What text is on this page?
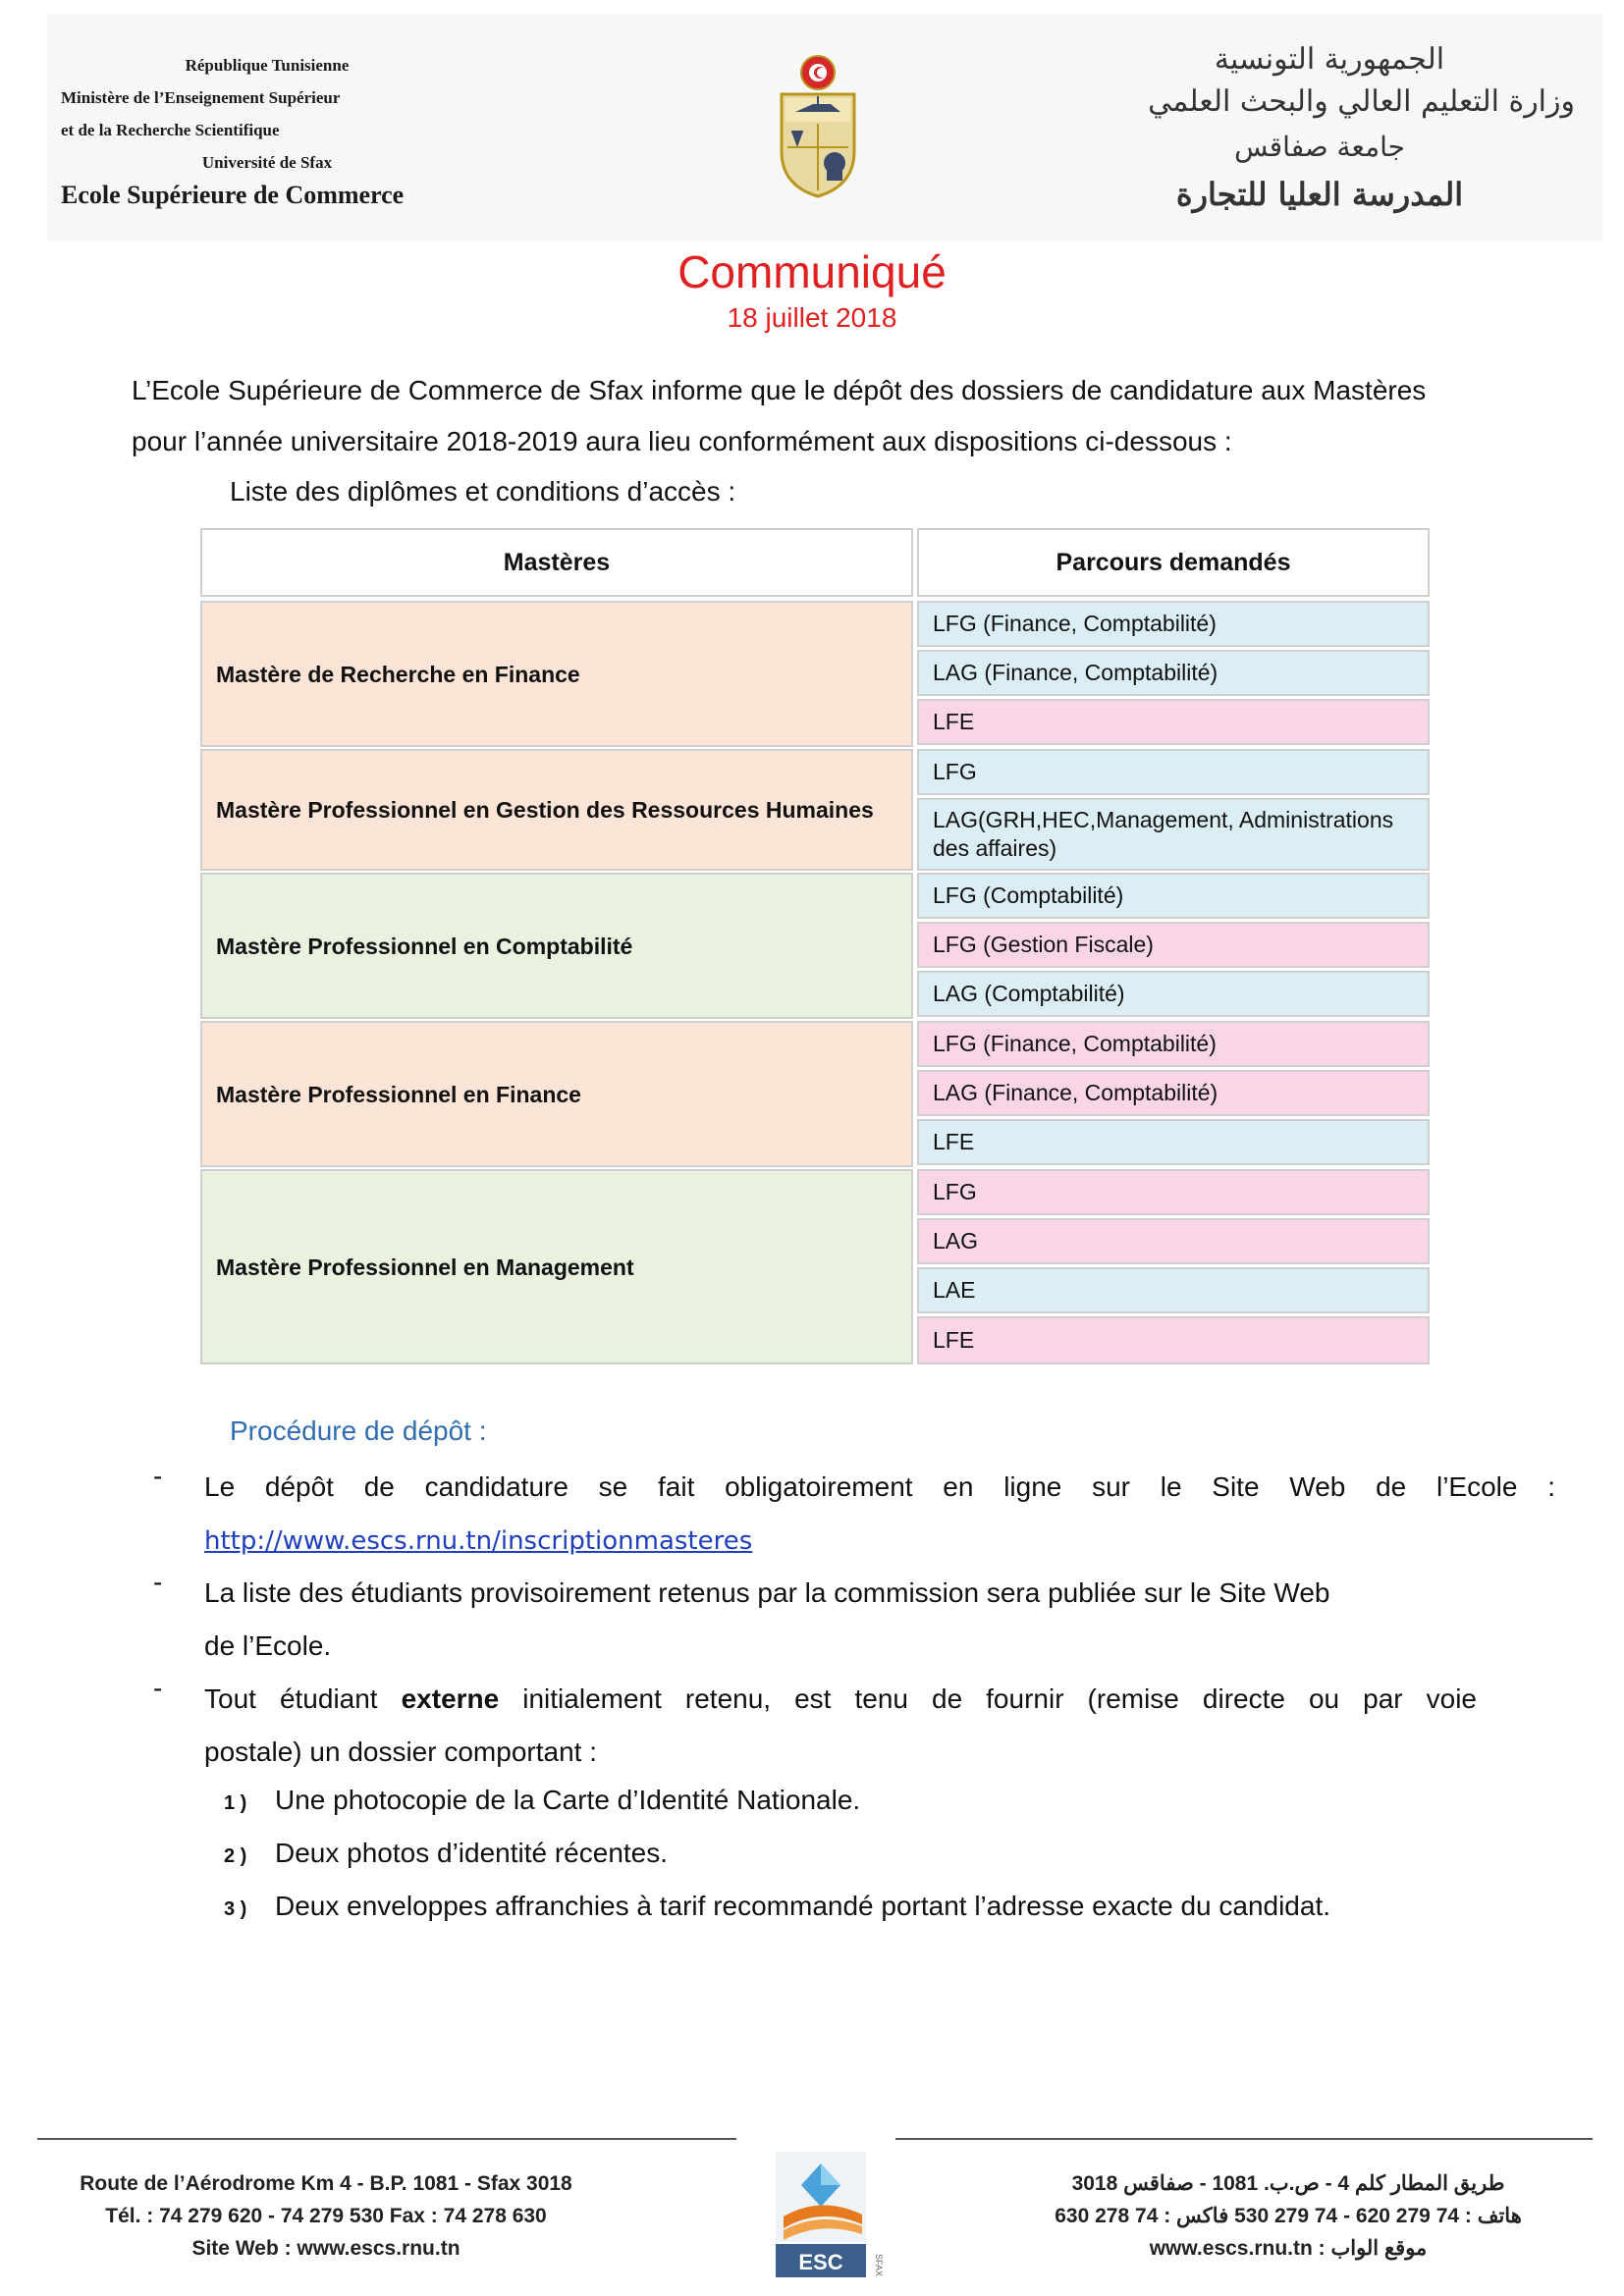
République Tunisienne
Ministère de l’Enseignement Supérieur
et de la Recherche Scientifique
Université de Sfax
Ecole Supérieure de Commerce
الجمهورية التونسية
وزارة التعليم العالي والبحث العلمي
جامعة صفاقس
المدرسة العليا للتجارة
Communiqué
18 juillet 2018
L’Ecole Supérieure de Commerce de Sfax informe que le dépôt des dossiers de candidature aux Mastères
pour l’année universitaire 2018-2019 aura lieu conformément aux dispositions ci-dessous :
Liste des diplômes et conditions d’accès :
Mastères	Parcours demandés
Mastère de Recherche en Finance
Mastère Professionnel en Gestion des Ressources Humaines
Mastère Professionnel en Comptabilité
Mastère Professionnel en Finance
Mastère Professionnel en Management
LFG (Finance, Comptabilité)
LAG (Finance, Comptabilité)
LFE
LFG
LAG(GRH,HEC,Management, Administrations des affaires)
LFG (Comptabilité)
LFG (Gestion Fiscale)
LAG (Comptabilité)
LFG (Finance, Comptabilité)
LAG (Finance, Comptabilité)
LFE
LFG
LAG
LAE
LFE
Procédure de dépôt :
- Le dépôt de candidature se fait obligatoirement en ligne sur le Site Web de l’Ecole :
http://www.escs.rnu.tn/inscriptionmasteres
- La liste des étudiants provisoirement retenus par la commission sera publiée sur le Site Web
de l’Ecole.
- Tout étudiant externe initialement retenu, est tenu de fournir (remise directe ou par voie
postale) un dossier comportant :
1 ) Une photocopie de la Carte d’Identité Nationale.
2 ) Deux photos d’identité récentes.
3 ) Deux enveloppes affranchies à tarif recommandé portant l’adresse exacte du candidat.
Route de l’Aérodrome Km 4 - B.P. 1081 - Sfax 3018
Tél. : 74 279 620 - 74 279 530 Fax : 74 278 630
Site Web : www.escs.rnu.tn
ESC	SFAX
طريق المطار كلم 4 - ص.ب. 1081 - صفاقس 3018
هاتف : 74 279 620 - 74 279 530 فاكس : 74 278 630
موقع الواب : www.escs.rnu.tn
